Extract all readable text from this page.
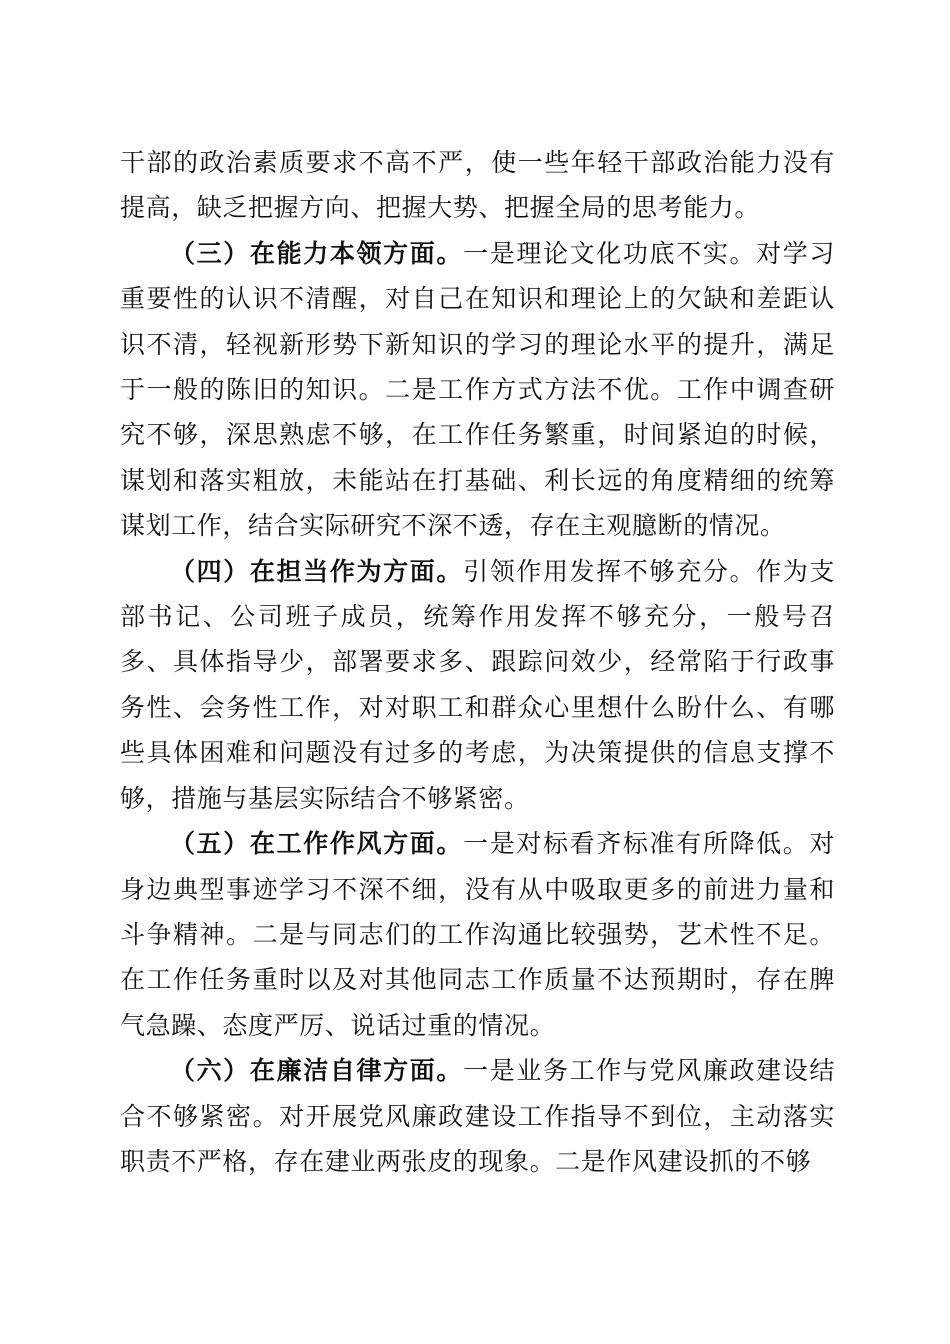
干部的政治素质要求不高不严，使一些年轻干部政治能力没有提高，缺乏把握方向、把握大势、把握全局的思考能力。

（三）在能力本领方面。一是理论文化功底不实。对学习重要性的认识不清醒，对自己在知识和理论上的欠缺和差距认识不清，轻视新形势下新知识的学习的理论水平的提升，满足于一般的陈旧的知识。二是工作方式方法不优。工作中调查研究不够，深思熟虑不够，在工作任务繁重，时间紧迫的时候，谋划和落实粗放，未能站在打基础、利长远的角度精细的统筹谋划工作，结合实际研究不深不透，存在主观臆断的情况。

（四）在担当作为方面。引领作用发挥不够充分。作为支部书记、公司班子成员，统筹作用发挥不够充分，一般号召多、具体指导少，部署要求多、跟踪问效少，经常陷于行政事务性、会务性工作，对对职工和群众心里想什么盼什么、有哪些具体困难和问题没有过多的考虑，为决策提供的信息支撑不够，措施与基层实际结合不够紧密。

（五）在工作作风方面。一是对标看齐标准有所降低。对身边典型事迹学习不深不细，没有从中吸取更多的前进力量和斗争精神。二是与同志们的工作沟通比较强势，艺术性不足。在工作任务重时以及对其他同志工作质量不达预期时，存在脾气急躁、态度严厉、说话过重的情况。

（六）在廉洁自律方面。一是业务工作与党风廉政建设结合不够紧密。对开展党风廉政建设工作指导不到位，主动落实职责不严格，存在建业两张皮的现象。二是作风建设抓的不够
